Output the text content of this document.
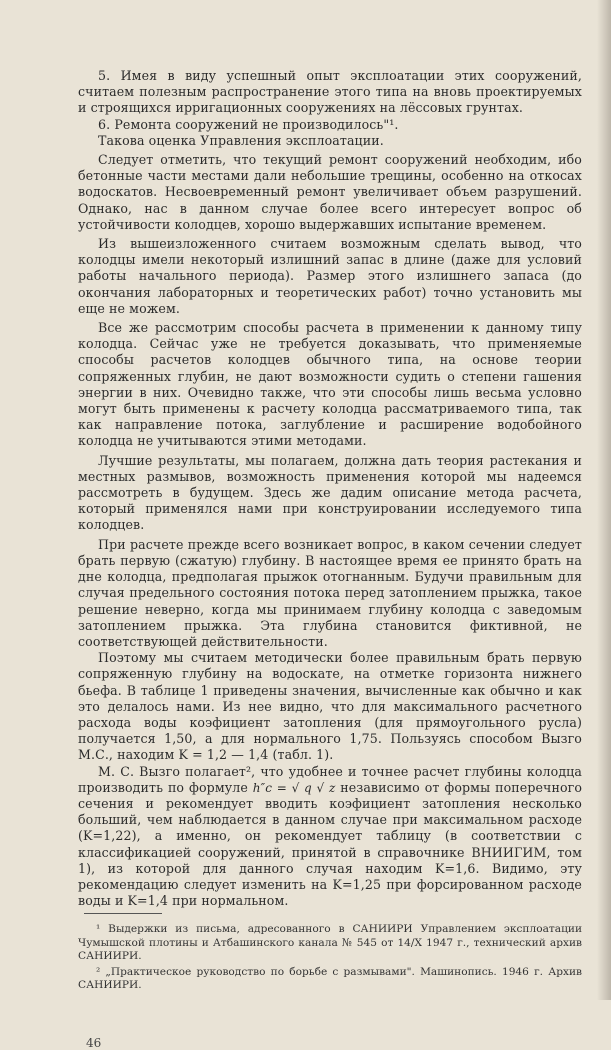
5. Имея в виду успешный опыт эксплоатации этих сооружений, считаем полезным распространение этого типа на вновь проектируемых и строящихся ирригационных сооружениях на лёссовых грунтах.

6. Ремонта сооружений не производилось"¹.

Такова оценка Управления эксплоатации.

Следует отметить, что текущий ремонт сооружений необходим, ибо бетонные части местами дали небольшие трещины, особенно на откосах водоскатов. Несвоевременный ремонт увеличивает объем разрушений. Однако, нас в данном случае более всего интересует вопрос об устойчивости колодцев, хорошо выдержавших испытание временем.

Из вышеизложенного считаем возможным сделать вывод, что колодцы имели некоторый излишний запас в длине (даже для условий работы начального периода). Размер этого излишнего запаса (до окончания лабораторных и теоретических работ) точно установить мы еще не можем.

Все же рассмотрим способы расчета в применении к данному типу колодца. Сейчас уже не требуется доказывать, что применяемые способы расчетов колодцев обычного типа, на основе теории сопряженных глубин, не дают возможности судить о степени гашения энергии в них. Очевидно также, что эти способы лишь весьма условно могут быть применены к расчету колодца рассматриваемого типа, так как направление потока, заглубление и расширение водобойного колодца не учитываются этими методами.

Лучшие результаты, мы полагаем, должна дать теория растекания и местных размывов, возможность применения которой мы надеемся рассмотреть в будущем. Здесь же дадим описание метода расчета, который применялся нами при конструировании исследуемого типа колодцев.

При расчете прежде всего возникает вопрос, в каком сечении следует брать первую (сжатую) глубину. В настоящее время ее принято брать на дне колодца, предполагая прыжок отогнанным. Будучи правильным для случая предельного состояния потока перед затоплением прыжка, такое решение неверно, когда мы принимаем глубину колодца с заведомым затоплением прыжка. Эта глубина становится фиктивной, не соответствующей действительности.

Поэтому мы считаем методически более правильным брать первую сопряженную глубину на водоскате, на отметке горизонта нижнего бьефа. В таблице 1 приведены значения, вычисленные как обычно и как это делалось нами. Из нее видно, что для максимального расчетного расхода воды коэфициент затопления (для прямоугольного русла) получается 1,50, а для нормального 1,75. Пользуясь способом Вызго М.С., находим K = 1,2 — 1,4 (табл. 1).

М. С. Вызго полагает², что удобнее и точнее расчет глубины колодца производить по формуле h″c = √ q √ z независимо от формы поперечного сечения и рекомендует вводить коэфициент затопления несколько больший, чем наблюдается в данном случае при максимальном расходе (K=1,22), а именно, он рекомендует таблицу (в соответствии с классификацией сооружений, принятой в справочнике ВНИИГИМ, том 1), из которой для данного случая находим K=1,6. Видимо, эту рекомендацию следует изменить на K=1,25 при форсированном расходе воды и K=1,4 при нормальном.

¹ Выдержки из письма, адресованного в САНИИРИ Управлением эксплоатации Чумышской плотины и Атбашинского канала № 545 от 14/X 1947 г., технический архив САНИИРИ.

² „Практическое руководство по борьбе с размывами". Машинопись. 1946 г. Архив САНИИРИ.

46
